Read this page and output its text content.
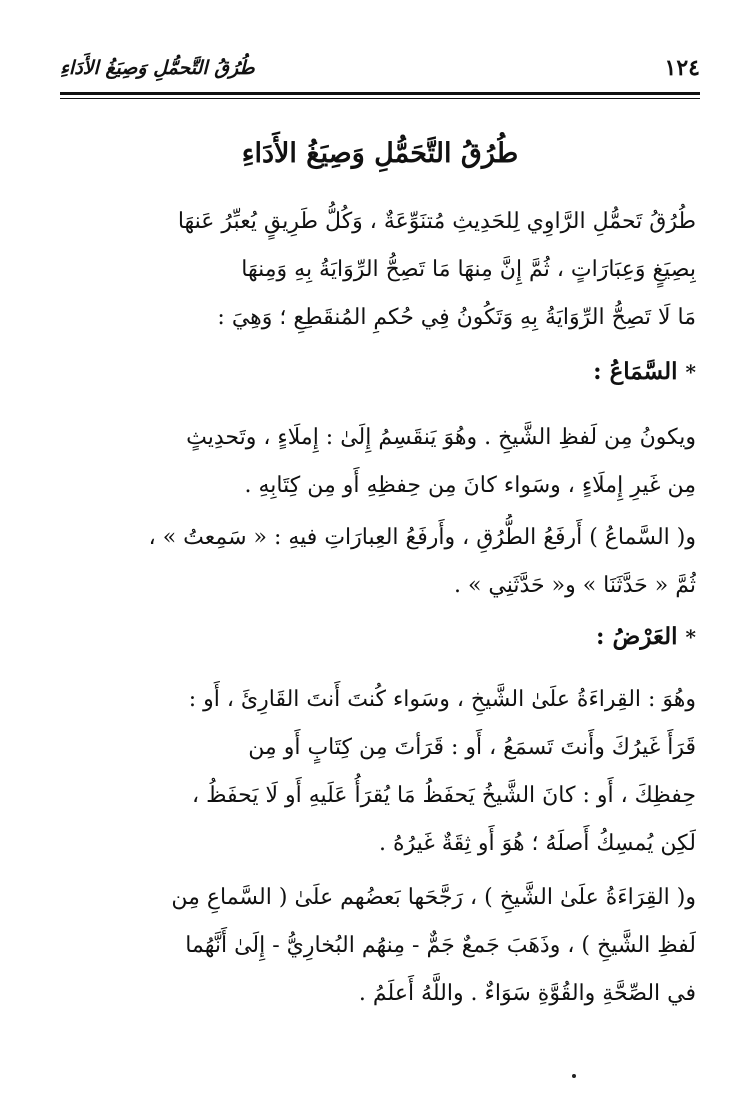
١٢٤
طُرُقُ التَّحمُّلِ وَصِيَغُ الأَدَاءِ
طُرُقُ التَّحَمُّلِ وَصِيَغُ الأَدَاءِ
طُرُقُ تَحمُّلِ الرَّاوِي لِلحَدِيثِ مُتنَوِّعَةٌ ، وَكُلُّ طَرِيقٍ يُعبِّرُ عَنهَا
بِصِيَغٍ وَعِبَارَاتٍ ، ثُمَّ إِنَّ مِنهَا مَا تَصِحُّ الرِّوَايَةُ بِهِ وَمِنهَا
مَا لَا تَصِحُّ الرِّوَايَةُ بِهِ وَتَكُونُ فِي حُكمِ المُنقَطِعِ ؛ وَهِيَ :
*السَّمَاعُ :
ويكونُ مِن لَفظِ الشَّيخِ . وهُوَ يَنقَسِمُ إِلَىٰ : إِملَاءٍ ، وتَحدِيثٍ
مِن غَيرِ إِملَاءٍ ، وسَواء كانَ مِن حِفظِهِ أَو مِن كِتَابِهِ .
و( السَّماعُ ) أَرفَعُ الطُّرُقِ ، وأَرفَعُ العِبارَاتِ فيهِ : « سَمِعتُ » ،
ثُمَّ « حَدَّثَنَا » و« حَدَّثَنِي » .
*العَرْضُ :
وهُوَ : القِراءَةُ علَىٰ الشَّيخِ ، وسَواء كُنتَ أَنتَ القَارِئَ ، أَو :
قَرَأَ غَيرُكَ وأَنتَ تَسمَعُ ، أَو : قَرَأتَ مِن كِتَابٍ أَو مِن
حِفظِكَ ، أَو : كانَ الشَّيخُ يَحفَظُ مَا يُقرَأُ عَلَيهِ أَو لَا يَحفَظُ ،
لَكِن يُمسِكُ أَصلَهُ ؛ هُوَ أَو ثِقَةٌ غَيرُهُ .
و( القِرَاءَةُ علَىٰ الشَّيخِ ) ، رَجَّحَها بَعضُهم علَىٰ ( السَّماعِ مِن
لَفظِ الشَّيخِ ) ، وذَهَبَ جَمعٌ جَمٌّ - مِنهُم البُخارِيُّ - إِلَىٰ أَنَّهُما
في الصِّحَّةِ والقُوَّةِ سَوَاءٌ . واللَّهُ أَعلَمُ .
